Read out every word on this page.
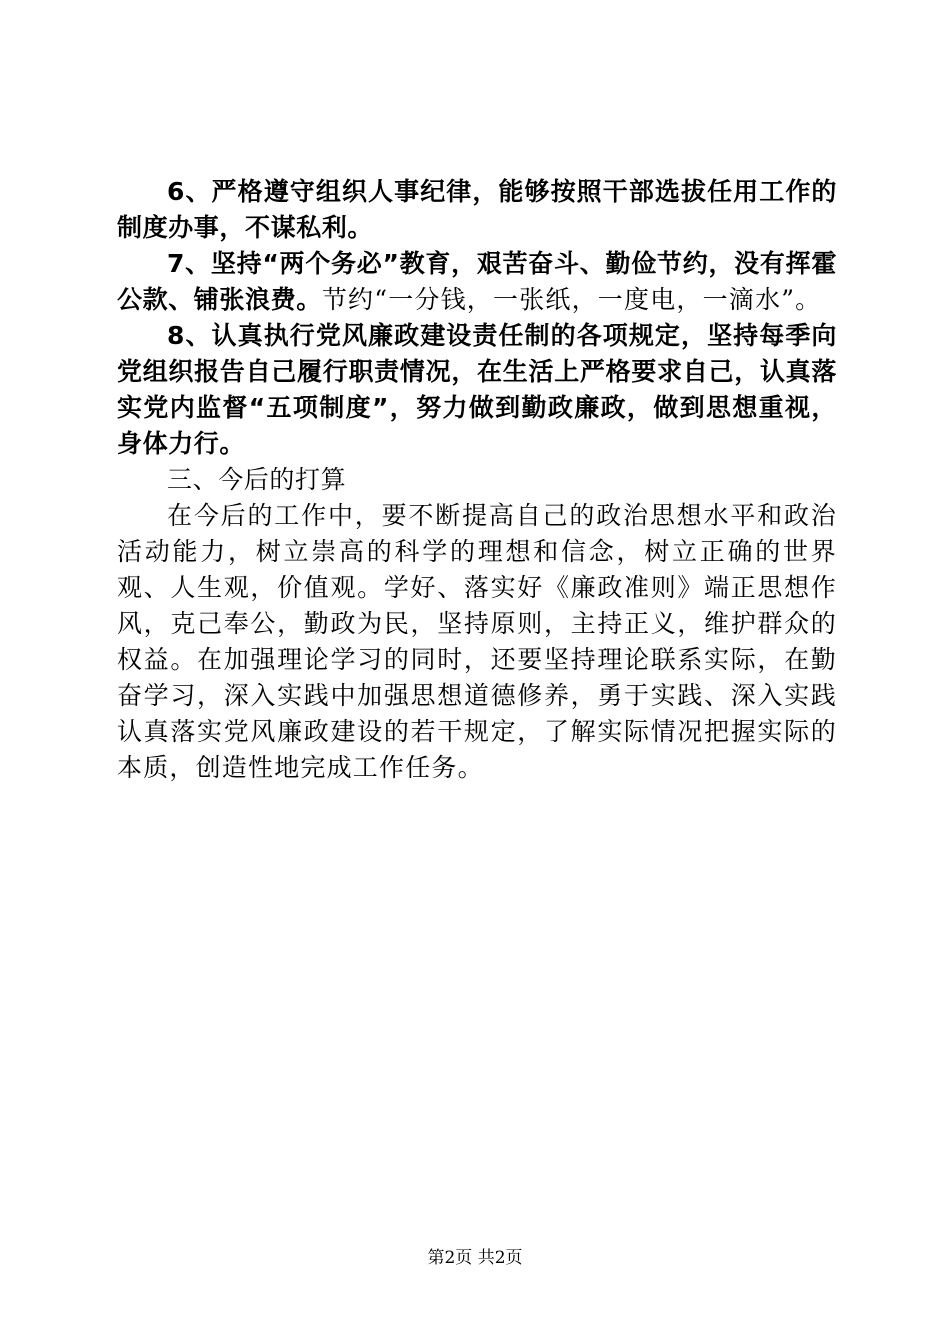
6、严格遵守组织人事纪律，能够按照干部选拔任用工作的制度办事，不谋私利。

7、坚持“两个务必”教育，艰苦奋斗、勤俭节约，没有挥霍公款、铺张浪费。节约“一分钱，一张纸，一度电，一滴水”。

8、认真执行党风廉政建设责任制的各项规定，坚持每季向党组织报告自己履行职责情况，在生活上严格要求自己，认真落实党内监督“五项制度”，努力做到勤政廉政，做到思想重视，身体力行。

三、今后的打算

在今后的工作中，要不断提高自己的政治思想水平和政治活动能力，树立崇高的科学的理想和信念，树立正确的世界观、人生观，价值观。学好、落实好《廉政准则》端正思想作风，克己奉公，勤政为民，坚持原则，主持正义，维护群众的权益。在加强理论学习的同时，还要坚持理论联系实际，在勤奋学习，深入实践中加强思想道德修养，勇于实践、深入实践认真落实党风廉政建设的若干规定，了解实际情况把握实际的本质，创造性地完成工作任务。

第2页 共2页
